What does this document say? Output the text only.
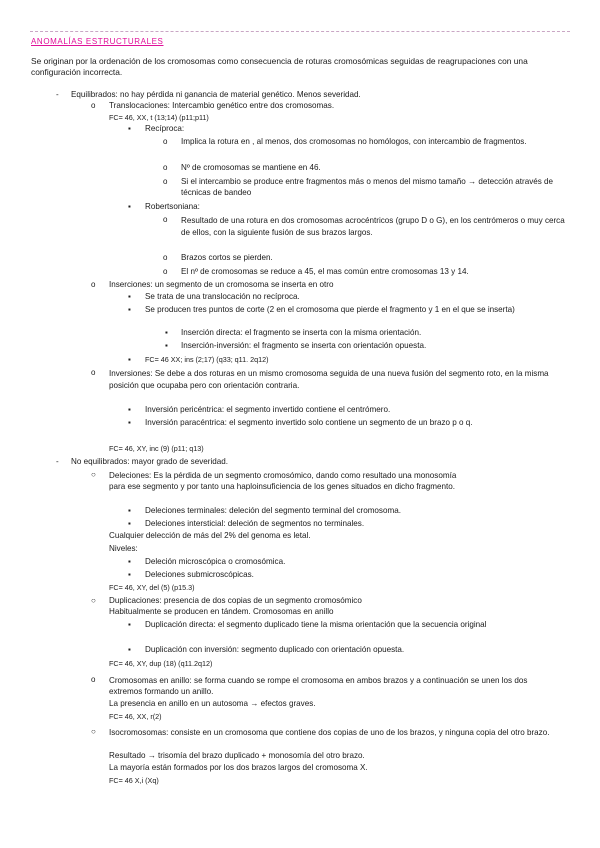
ANOMALÍAS ESTRUCTURALES
Se originan por la ordenación de los cromosomas como consecuencia de roturas cromosómicas seguidas de reagrupaciones con una configuración incorrecta.
- Equilibrados: no hay pérdida ni ganancia de material genético. Menos severidad.
o Translocaciones: Intercambio genético entre dos cromosomas.
FC= 46, XX, t (13;14) (p11;p11)
▪ Recíproca:
o Implica la rotura en , al menos, dos cromosomas no homólogos, con intercambio de fragmentos.
o Nº de cromosomas se mantiene en 46.
o Si el intercambio se produce entre fragmentos más o menos del mismo tamaño → detección através de técnicas de bandeo
▪ Robertsoniana:
o Resultado de una rotura en dos cromosomas acrocéntricos (grupo D o G), en los centrómeros o muy cerca de ellos, con la siguiente fusión de sus brazos largos.
o Brazos cortos se pierden.
o El nº de cromosomas se reduce a 45, el mas común entre cromosomas 13 y 14.
o Inserciones: un segmento de un cromosoma se inserta en otro
▪ Se trata de una translocación no recíproca.
▪ Se producen tres puntos de corte (2 en el cromosoma que pierde el fragmento y 1 en el que se inserta)
▪ Inserción directa: el fragmento se inserta con la misma orientación.
▪ Inserción-inversión: el fragmento se inserta con orientación opuesta.
▪ FC= 46 XX; ins (2;17) (q33; q11. 2q12)
o Inversiones: Se debe a dos roturas en un mismo cromosoma seguida de una nueva fusión del segmento roto, en la misma posición que ocupaba pero con orientación contraria.
▪ Inversión pericéntrica: el segmento invertido contiene el centrómero.
▪ Inversión paracéntrica: el segmento invertido solo contiene un segmento de un brazo p o q.
FC= 46, XY, inc (9) (p11; q13)
- No equilibrados: mayor grado de severidad.
○ Deleciones: Es la pérdida de un segmento cromosómico, dando como resultado una monosomía para ese segmento y por tanto una haploinsuficiencia de los genes situados en dicho fragmento.
▪ Deleciones terminales: deleción del segmento terminal del cromosoma.
▪ Deleciones intersticial: deleción de segmentos no terminales.
Cualquier delección de más del 2% del genoma es letal.
Niveles:
▪ Deleción microscópica o cromosómica.
▪ Deleciones submicroscópicas.
FC= 46, XY, del (5) (p15.3)
○ Duplicaciones: presencia de dos copias de un segmento cromosómico
Habitualmente se producen en tándem. Cromosomas en anillo
▪ Duplicación directa: el segmento duplicado tiene la misma orientación que la secuencia original
▪ Duplicación con inversión: segmento duplicado con orientación opuesta.
FC= 46, XY, dup (18) (q11.2q12)
o Cromosomas en anillo: se forma cuando se rompe el cromosoma en ambos brazos y a continuación se unen los dos extremos formando un anillo.
La presencia en anillo en un autosoma → efectos graves.
FC= 46, XX, r(2)
○ Isocromosomas: consiste en un cromosoma que contiene dos copias de uno de los brazos, y ninguna copia del otro brazo.
Resultado → trisomía del brazo duplicado + monosomía del otro brazo.
La mayoría están formados por los dos brazos largos del cromosoma X.
FC= 46 X,i (Xq)
